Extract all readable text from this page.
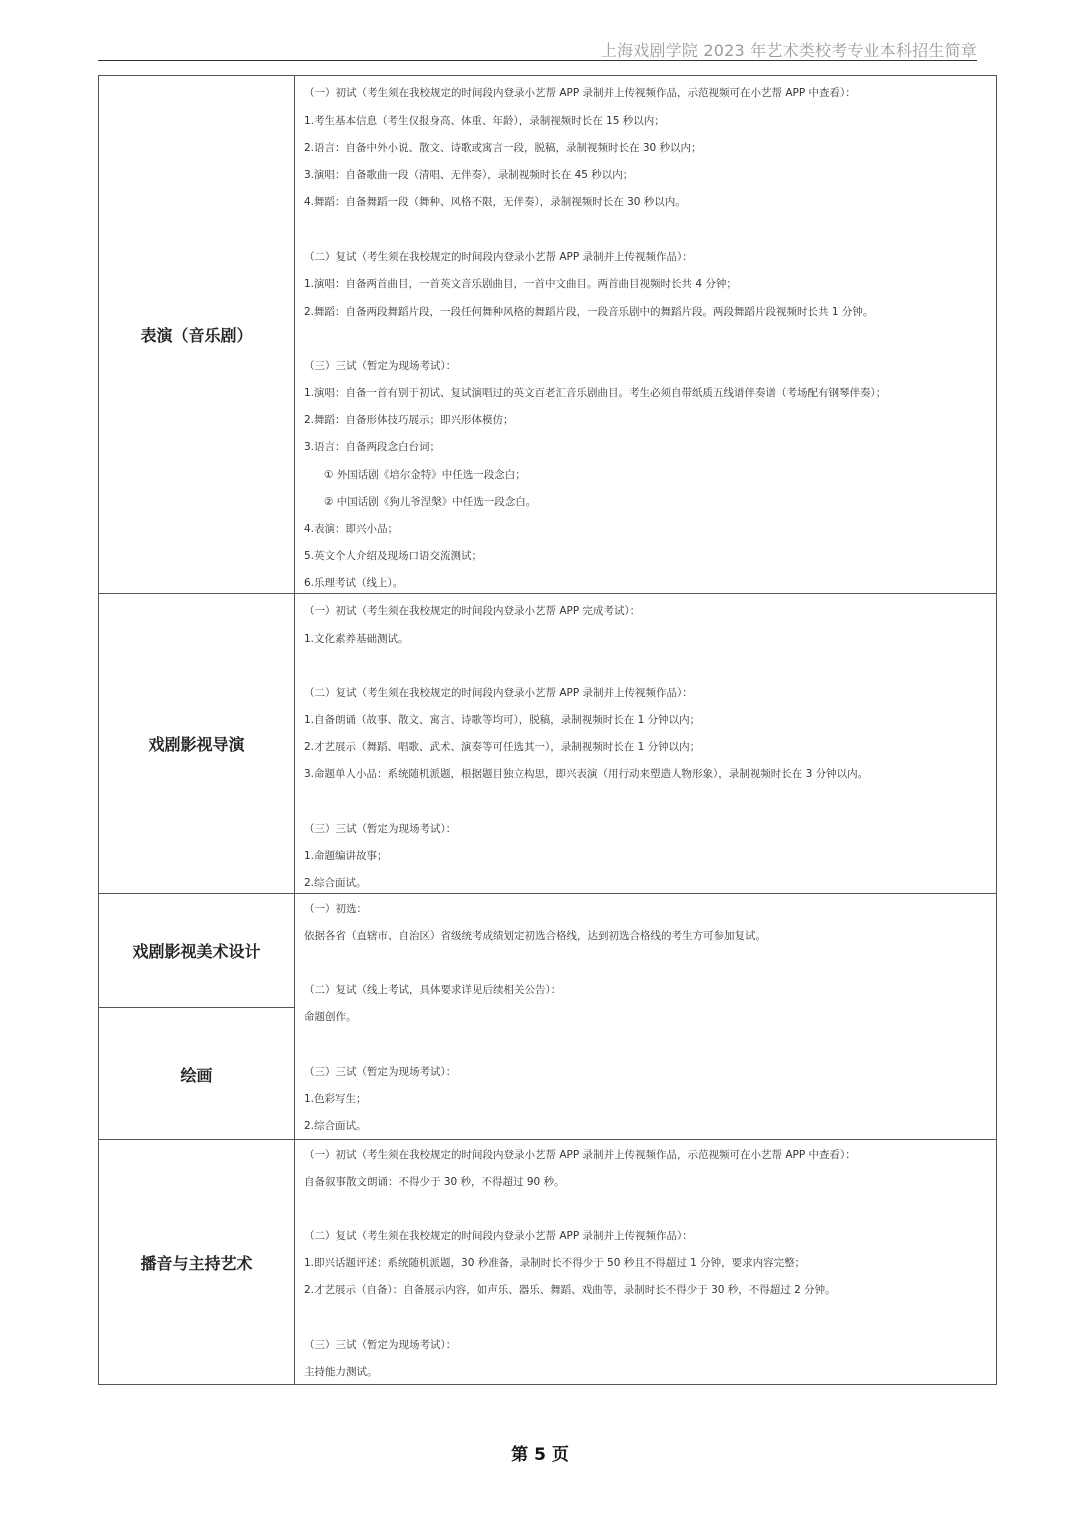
上海戏剧学院 2023 年艺术类校考专业本科招生简章
表演（音乐剧）
（一）初试（考生须在我校规定的时间段内登录小艺帮 APP 录制并上传视频作品，示范视频可在小艺帮 APP 中查看）：
1.考生基本信息（考生仅报身高、体重、年龄），录制视频时长在 15 秒以内；
2.语言：自备中外小说、散文、诗歌或寓言一段，脱稿，录制视频时长在 30 秒以内；
3.演唱：自备歌曲一段（清唱、无伴奏），录制视频时长在 45 秒以内；
4.舞蹈：自备舞蹈一段（舞种、风格不限，无伴奏），录制视频时长在 30 秒以内。
（二）复试（考生须在我校规定的时间段内登录小艺帮 APP 录制并上传视频作品）：
1.演唱：自备两首曲目，一首英文音乐剧曲目，一首中文曲目。两首曲目视频时长共 4 分钟；
2.舞蹈：自备两段舞蹈片段，一段任何舞种风格的舞蹈片段，一段音乐剧中的舞蹈片段。两段舞蹈片段视频时长共 1 分钟。
（三）三试（暂定为现场考试）：
1.演唱：自备一首有别于初试、复试演唱过的英文百老汇音乐剧曲目。考生必须自带纸质五线谱伴奏谱（考场配有钢琴伴奏）；
2.舞蹈：自备形体技巧展示；即兴形体模仿；
3.语言：自备两段念白台词；
① 外国话剧《培尔金特》中任选一段念白；
② 中国话剧《狗儿爷涅槃》中任选一段念白。
4.表演：即兴小品；
5.英文个人介绍及现场口语交流测试；
6.乐理考试（线上）。
戏剧影视导演
（一）初试（考生须在我校规定的时间段内登录小艺帮 APP 完成考试）：
1.文化素养基础测试。
（二）复试（考生须在我校规定的时间段内登录小艺帮 APP 录制并上传视频作品）：
1.自备朗诵（故事、散文、寓言、诗歌等均可），脱稿，录制视频时长在 1 分钟以内；
2.才艺展示（舞蹈、唱歌、武术、演奏等可任选其一），录制视频时长在 1 分钟以内；
3.命题单人小品：系统随机派题，根据题目独立构思，即兴表演（用行动来塑造人物形象），录制视频时长在 3 分钟以内。
（三）三试（暂定为现场考试）：
1.命题编讲故事；
2.综合面试。
戏剧影视美术设计
绘画
（一）初选：
依据各省（直辖市、自治区）省级统考成绩划定初选合格线，达到初选合格线的考生方可参加复试。
（二）复试（线上考试，具体要求详见后续相关公告）：
命题创作。
（三）三试（暂定为现场考试）：
1.色彩写生；
2.综合面试。
播音与主持艺术
（一）初试（考生须在我校规定的时间段内登录小艺帮 APP 录制并上传视频作品，示范视频可在小艺帮 APP 中查看）：
自备叙事散文朗诵：不得少于 30 秒，不得超过 90 秒。
（二）复试（考生须在我校规定的时间段内登录小艺帮 APP 录制并上传视频作品）：
1.即兴话题评述：系统随机派题，30 秒准备，录制时长不得少于 50 秒且不得超过 1 分钟，要求内容完整；
2.才艺展示（自备）：自备展示内容，如声乐、器乐、舞蹈、戏曲等，录制时长不得少于 30 秒，不得超过 2 分钟。
（三）三试（暂定为现场考试）：
主持能力测试。
第 5 页
